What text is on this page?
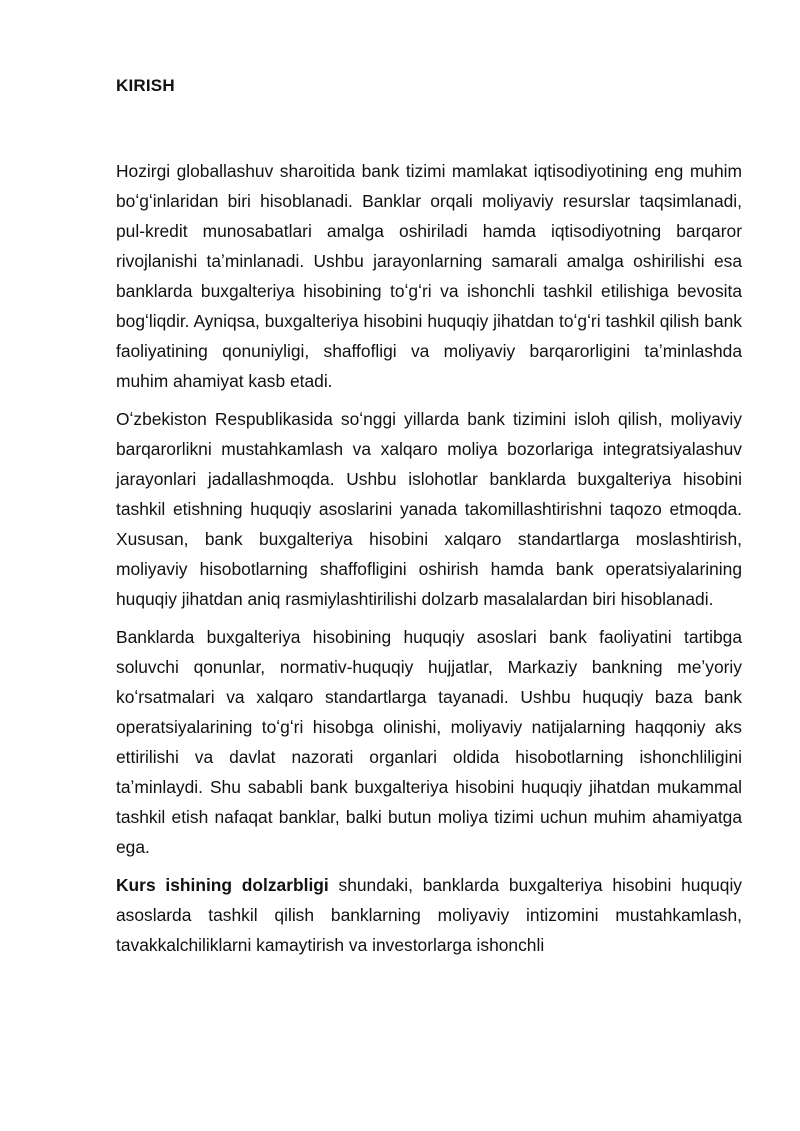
KIRISH

Hozirgi globallashuv sharoitida bank tizimi mamlakat iqtisodiyotining eng muhim boʻgʻinlaridan biri hisoblanadi. Banklar orqali moliyaviy resurslar taqsimlanadi, pul-kredit munosabatlari amalga oshiriladi hamda iqtisodiyotning barqaror rivojlanishi taʼminlanadi. Ushbu jarayonlarning samarali amalga oshirilishi esa banklarda buxgalteriya hisobining toʻgʻri va ishonchli tashkil etilishiga bevosita bogʻliqdir. Ayniqsa, buxgalteriya hisobini huquqiy jihatdan toʻgʻri tashkil qilish bank faoliyatining qonuniyligi, shaffofligi va moliyaviy barqarorligini taʼminlashda muhim ahamiyat kasb etadi.

Oʻzbekiston Respublikasida soʻnggi yillarda bank tizimini isloh qilish, moliyaviy barqarorlikni mustahkamlash va xalqaro moliya bozorlariga integratsiyalashuv jarayonlari jadallashmoqda. Ushbu islohotlar banklarda buxgalteriya hisobini tashkil etishning huquqiy asoslarini yanada takomillashtirishni taqozo etmoqda. Xususan, bank buxgalteriya hisobini xalqaro standartlarga moslashtirish, moliyaviy hisobotlarning shaffofligini oshirish hamda bank operatsiyalarining huquqiy jihatdan aniq rasmiylashtirilishi dolzarb masalalardan biri hisoblanadi.

Banklarda buxgalteriya hisobining huquqiy asoslari bank faoliyatini tartibga soluvchi qonunlar, normativ-huquqiy hujjatlar, Markaziy bankning meʼyoriy koʻrsatmalari va xalqaro standartlarga tayanadi. Ushbu huquqiy baza bank operatsiyalarining toʻgʻri hisobga olinishi, moliyaviy natijalarning haqqoniy aks ettirilishi va davlat nazorati organlari oldida hisobotlarning ishonchliligini taʼminlaydi. Shu sababli bank buxgalteriya hisobini huquqiy jihatdan mukammal tashkil etish nafaqat banklar, balki butun moliya tizimi uchun muhim ahamiyatga ega.

Kurs ishining dolzarbligi shundaki, banklarda buxgalteriya hisobini huquqiy asoslarda tashkil qilish banklarning moliyaviy intizomini mustahkamlash, tavakkalchiliklarni kamaytirish va investorlarga ishonchli
